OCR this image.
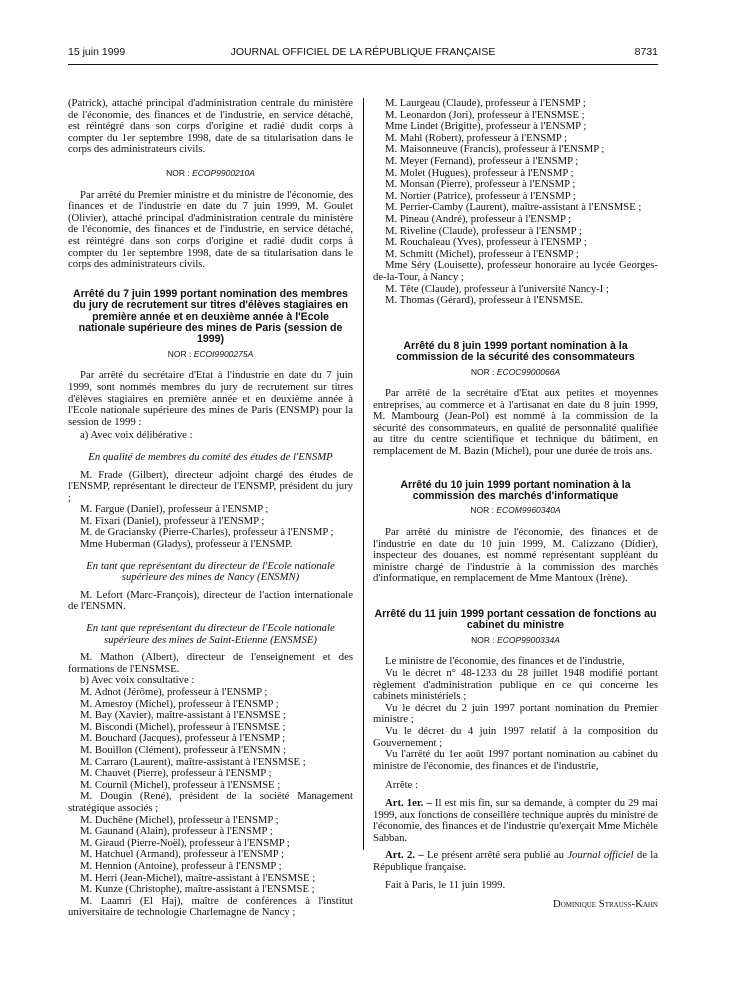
15 juin 1999	JOURNAL OFFICIEL DE LA RÉPUBLIQUE FRANÇAISE	8731

(Patrick), attaché principal d'administration centrale du ministère de l'économie, des finances et de l'industrie, en service détaché, est réintégré dans son corps d'origine et radié dudit corps à compter du 1er septembre 1998, date de sa titularisation dans le corps des administrateurs civils.

NOR : ECOP9900210A

Par arrêté du Premier ministre et du ministre de l'économie, des finances et de l'industrie en date du 7 juin 1999, M. Goulet (Olivier), attaché principal d'administration centrale du ministère de l'économie, des finances et de l'industrie, en service détaché, est réintégré dans son corps d'origine et radié dudit corps à compter du 1er septembre 1998, date de sa titularisation dans le corps des administrateurs civils.

Arrêté du 7 juin 1999 portant nomination des membres du jury de recrutement sur titres d'élèves stagiaires en première année et en deuxième année à l'Ecole nationale supérieure des mines de Paris (session de 1999)
NOR : ECOI9900275A

Par arrêté du secrétaire d'Etat à l'industrie en date du 7 juin 1999, sont nommés membres du jury de recrutement sur titres d'élèves stagiaires en première année et en deuxième année à l'Ecole nationale supérieure des mines de Paris (ENSMP) pour la session de 1999 :

a) Avec voix délibérative :

En qualité de membres du comité des études de l'ENSMP

M. Frade (Gilbert), directeur adjoint chargé des études de l'ENSMP, représentant le directeur de l'ENSMP, président du jury ;

M. Fargue (Daniel), professeur à l'ENSMP ;

M. Fixari (Daniel), professeur à l'ENSMP ;

M. de Graciansky (Pierre-Charles), professeur à l'ENSMP ;

Mme Huberman (Gladys), professeur à l'ENSMP.

En tant que représentant du directeur de l'Ecole nationale supérieure des mines de Nancy (ENSMN)

M. Lefort (Marc-François), directeur de l'action internationale de l'ENSMN.

En tant que représentant du directeur de l'Ecole nationale supérieure des mines de Saint-Etienne (ENSMSE)

M. Mathon (Albert), directeur de l'enseignement et des formations de l'ENSMSE.

b) Avec voix consultative :

M. Adnot (Jérôme), professeur à l'ENSMP ;

M. Amestoy (Michel), professeur à l'ENSMP ;

M. Bay (Xavier), maître-assistant à l'ENSMSE ;

M. Biscondi (Michel), professeur à l'ENSMSE ;

M. Bouchard (Jacques), professeur à l'ENSMP ;

M. Bouillon (Clément), professeur à l'ENSMN ;

M. Carraro (Laurent), maître-assistant à l'ENSMSE ;

M. Chauvet (Pierre), professeur à l'ENSMP ;

M. Cournil (Michel), professeur à l'ENSMSE ;

M. Dougin (René), président de la société Management stratégique associés ;

M. Duchêne (Michel), professeur à l'ENSMP ;

M. Gaunand (Alain), professeur à l'ENSMP ;

M. Giraud (Pierre-Noël), professeur à l'ENSMP ;

M. Hatchuel (Armand), professeur à l'ENSMP ;

M. Hennion (Antoine), professeur à l'ENSMP ;

M. Herri (Jean-Michel), maître-assistant à l'ENSMSE ;

M. Kunze (Christophe), maître-assistant à l'ENSMSE ;

M. Laamri (El Haj), maître de conférences à l'institut universitaire de technologie Charlemagne de Nancy ;

M. Laurgeau (Claude), professeur à l'ENSMP ;

M. Leonardon (Jori), professeur à l'ENSMSE ;

Mme Lindet (Brigitte), professeur à l'ENSMP ;

M. Mahl (Robert), professeur à l'ENSMP ;

M. Maisonneuve (Francis), professeur à l'ENSMP ;

M. Meyer (Fernand), professeur à l'ENSMP ;

M. Molet (Hugues), professeur à l'ENSMP ;

M. Monsan (Pierre), professeur à l'ENSMP ;

M. Nortier (Patrice), professeur à l'ENSMP ;

M. Perrier-Camby (Laurent), maître-assistant à l'ENSMSE ;

M. Pineau (André), professeur à l'ENSMP ;

M. Riveline (Claude), professeur à l'ENSMP ;

M. Rouchaleau (Yves), professeur à l'ENSMP ;

M. Schmitt (Michel), professeur à l'ENSMP ;

Mme Séry (Louisette), professeur honoraire au lycée Georges-de-la-Tour, à Nancy ;

M. Tête (Claude), professeur à l'université Nancy-I ;

M. Thomas (Gérard), professeur à l'ENSMSE.

Arrêté du 8 juin 1999 portant nomination à la commission de la sécurité des consommateurs
NOR : ECOC9900066A

Par arrêté de la secrétaire d'Etat aux petites et moyennes entreprises, au commerce et à l'artisanat en date du 8 juin 1999, M. Mambourg (Jean-Pol) est nommé à la commission de la sécurité des consommateurs, en qualité de personnalité qualifiée au titre du centre scientifique et technique du bâtiment, en remplacement de M. Bazin (Michel), pour une durée de trois ans.

Arrêté du 10 juin 1999 portant nomination à la commission des marchés d'informatique
NOR : ECOM9960340A

Par arrêté du ministre de l'économie, des finances et de l'industrie en date du 10 juin 1999, M. Calizzano (Didier), inspecteur des douanes, est nommé représentant suppléant du ministre chargé de l'industrie à la commission des marchés d'informatique, en remplacement de Mme Mantoux (Irène).

Arrêté du 11 juin 1999 portant cessation de fonctions au cabinet du ministre
NOR : ECOP9900334A

Le ministre de l'économie, des finances et de l'industrie,

Vu le décret n° 48-1233 du 28 juillet 1948 modifié portant règlement d'administration publique en ce qui concerne les cabinets ministériels ;

Vu le décret du 2 juin 1997 portant nomination du Premier ministre ;

Vu le décret du 4 juin 1997 relatif à la composition du Gouvernement ;

Vu l'arrêté du 1er août 1997 portant nomination au cabinet du ministre de l'économie, des finances et de l'industrie,

Arrête :

Art. 1er. – Il est mis fin, sur sa demande, à compter du 29 mai 1999, aux fonctions de conseillère technique auprès du ministre de l'économie, des finances et de l'industrie qu'exerçait Mme Michèle Sabban.

Art. 2. – Le présent arrêté sera publié au Journal officiel de la République française.

Fait à Paris, le 11 juin 1999.

Dominique Strauss-Kahn
